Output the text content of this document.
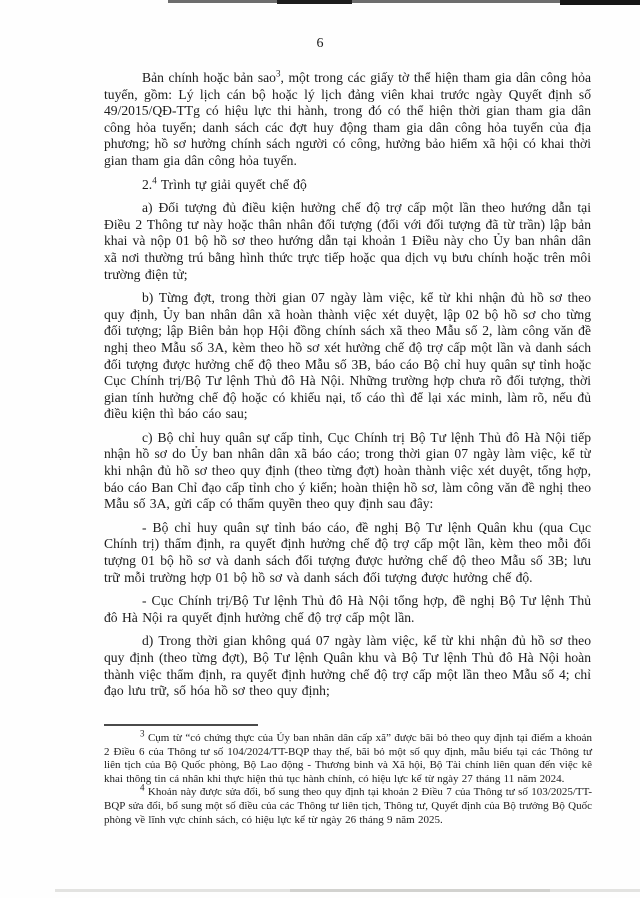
6

Bản chính hoặc bản sao$^3$, một trong các giấy tờ thể hiện tham gia dân công hỏa tuyến, gồm: Lý lịch cán bộ hoặc lý lịch đảng viên khai trước ngày Quyết định số 49/2015/QĐ-TTg có hiệu lực thi hành, trong đó có thể hiện thời gian tham gia dân công hỏa tuyến; danh sách các đợt huy động tham gia dân công hỏa tuyến của địa phương; hồ sơ hưởng chính sách người có công, hưởng bảo hiểm xã hội có khai thời gian tham gia dân công hỏa tuyến.

2.$^4$ Trình tự giải quyết chế độ

a) Đối tượng đủ điều kiện hưởng chế độ trợ cấp một lần theo hướng dẫn tại Điều 2 Thông tư này hoặc thân nhân đối tượng (đối với đối tượng đã từ trần) lập bản khai và nộp 01 bộ hồ sơ theo hướng dẫn tại khoản 1 Điều này cho Ủy ban nhân dân xã nơi thường trú bằng hình thức trực tiếp hoặc qua dịch vụ bưu chính hoặc trên môi trường điện tử;

b) Từng đợt, trong thời gian 07 ngày làm việc, kể từ khi nhận đủ hồ sơ theo quy định, Ủy ban nhân dân xã hoàn thành việc xét duyệt, lập 02 bộ hồ sơ cho từng đối tượng; lập Biên bản họp Hội đồng chính sách xã theo Mẫu số 2, làm công văn đề nghị theo Mẫu số 3A, kèm theo hồ sơ xét hưởng chế độ trợ cấp một lần và danh sách đối tượng được hưởng chế độ theo Mẫu số 3B, báo cáo Bộ chỉ huy quân sự tỉnh hoặc Cục Chính trị/Bộ Tư lệnh Thủ đô Hà Nội. Những trường hợp chưa rõ đối tượng, thời gian tính hưởng chế độ hoặc có khiếu nại, tố cáo thì để lại xác minh, làm rõ, nếu đủ điều kiện thì báo cáo sau;

c) Bộ chỉ huy quân sự cấp tỉnh, Cục Chính trị Bộ Tư lệnh Thủ đô Hà Nội tiếp nhận hồ sơ do Ủy ban nhân dân xã báo cáo; trong thời gian 07 ngày làm việc, kể từ khi nhận đủ hồ sơ theo quy định (theo từng đợt) hoàn thành việc xét duyệt, tổng hợp, báo cáo Ban Chỉ đạo cấp tỉnh cho ý kiến; hoàn thiện hồ sơ, làm công văn đề nghị theo Mẫu số 3A, gửi cấp có thẩm quyền theo quy định sau đây:

- Bộ chỉ huy quân sự tỉnh báo cáo, đề nghị Bộ Tư lệnh Quân khu (qua Cục Chính trị) thẩm định, ra quyết định hưởng chế độ trợ cấp một lần, kèm theo mỗi đối tượng 01 bộ hồ sơ và danh sách đối tượng được hưởng chế độ theo Mẫu số 3B; lưu trữ mỗi trường hợp 01 bộ hồ sơ và danh sách đối tượng được hưởng chế độ.

- Cục Chính trị/Bộ Tư lệnh Thủ đô Hà Nội tổng hợp, đề nghị Bộ Tư lệnh Thủ đô Hà Nội ra quyết định hưởng chế độ trợ cấp một lần.

d) Trong thời gian không quá 07 ngày làm việc, kể từ khi nhận đủ hồ sơ theo quy định (theo từng đợt), Bộ Tư lệnh Quân khu và Bộ Tư lệnh Thủ đô Hà Nội hoàn thành việc thẩm định, ra quyết định hưởng chế độ trợ cấp một lần theo Mẫu số 4; chỉ đạo lưu trữ, số hóa hồ sơ theo quy định;

$^3$ Cụm từ “có chứng thực của Ủy ban nhân dân cấp xã” được bãi bỏ theo quy định tại điểm a khoản 2 Điều 6 của Thông tư số 104/2024/TT-BQP thay thế, bãi bỏ một số quy định, mẫu biểu tại các Thông tư liên tịch của Bộ Quốc phòng, Bộ Lao động - Thương binh và Xã hội, Bộ Tài chính liên quan đến việc kê khai thông tin cá nhân khi thực hiện thủ tục hành chính, có hiệu lực kể từ ngày 27 tháng 11 năm 2024.

$^4$ Khoản này được sửa đổi, bổ sung theo quy định tại khoản 2 Điều 7 của Thông tư số 103/2025/TT-BQP sửa đổi, bổ sung một số điều của các Thông tư liên tịch, Thông tư, Quyết định của Bộ trưởng Bộ Quốc phòng về lĩnh vực chính sách, có hiệu lực kể từ ngày 26 tháng 9 năm 2025.
